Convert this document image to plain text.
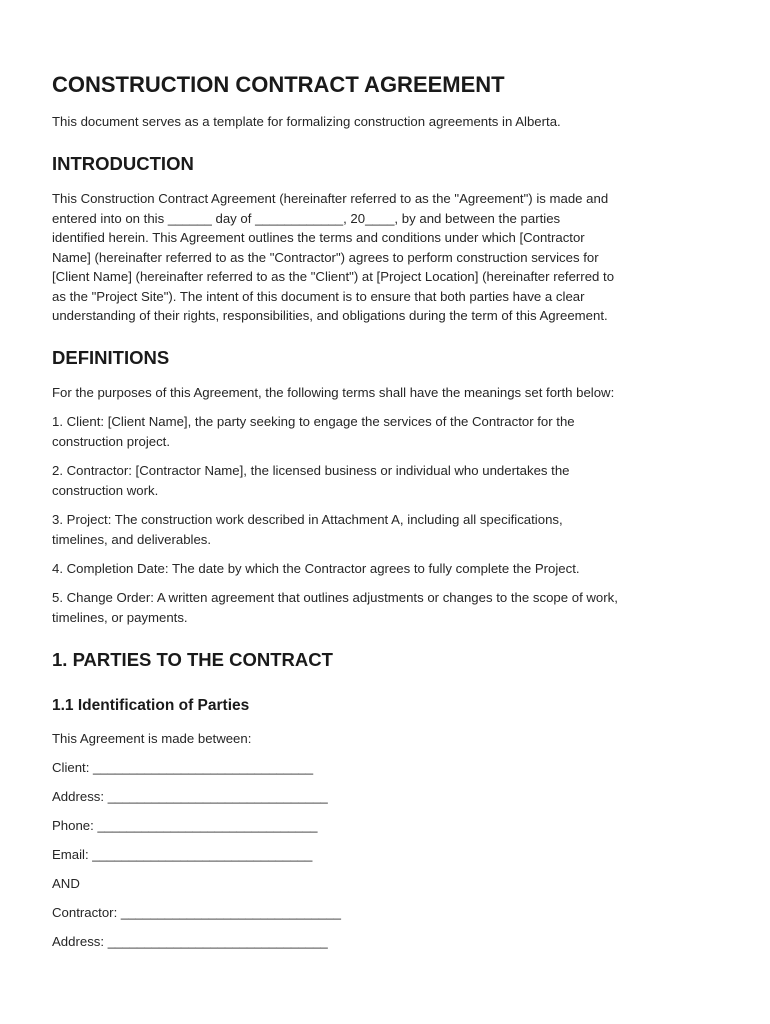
CONSTRUCTION CONTRACT AGREEMENT

This document serves as a template for formalizing construction agreements in Alberta.

INTRODUCTION
This Construction Contract Agreement (hereinafter referred to as the "Agreement") is made and
entered into on this ______ day of ____________, 20____, by and between the parties
identified herein. This Agreement outlines the terms and conditions under which [Contractor
Name] (hereinafter referred to as the "Contractor") agrees to perform construction services for
[Client Name] (hereinafter referred to as the "Client") at [Project Location] (hereinafter referred to
as the "Project Site"). The intent of this document is to ensure that both parties have a clear
understanding of their rights, responsibilities, and obligations during the term of this Agreement.
DEFINITIONS

For the purposes of this Agreement, the following terms shall have the meanings set forth below:

1. Client: [Client Name], the party seeking to engage the services of the Contractor for the
construction project.
2. Contractor: [Contractor Name], the licensed business or individual who undertakes the
construction work.
3. Project: The construction work described in Attachment A, including all specifications,
timelines, and deliverables.
4. Completion Date: The date by which the Contractor agrees to fully complete the Project.
5. Change Order: A written agreement that outlines adjustments or changes to the scope of work,
timelines, or payments.
1. PARTIES TO THE CONTRACT
1.1 Identification of Parties

This Agreement is made between:

Client: ______________________________

Address: ______________________________

Phone: ______________________________

Email: ______________________________

AND

Contractor: ______________________________

Address: ______________________________
